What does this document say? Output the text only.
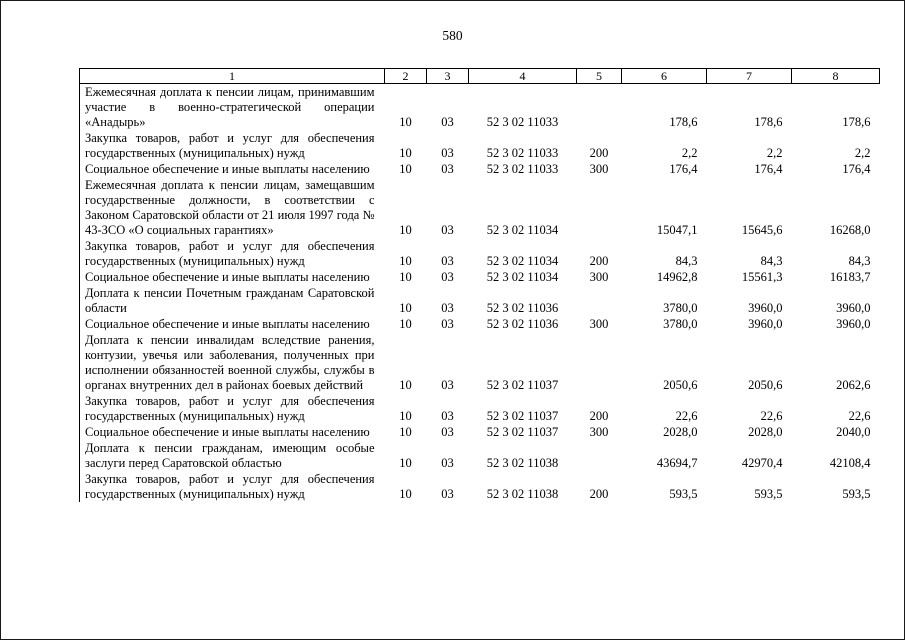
580
1	2	3	4	5	6	7	8
Ежемесячная доплата к пенсии лицам, принимавшим участие в военно-стратегической операции «Анадырь»	10	03	52 3 02 11033		178,6	178,6	178,6
Закупка товаров, работ и услуг для обеспечения государственных (муниципальных) нужд	10	03	52 3 02 11033	200	2,2	2,2	2,2
Социальное обеспечение и иные выплаты населению	10	03	52 3 02 11033	300	176,4	176,4	176,4
Ежемесячная доплата к пенсии лицам, замещавшим государственные должности, в соответствии с Законом Саратовской области от 21 июля 1997 года № 43-ЗСО «О социальных гарантиях»	10	03	52 3 02 11034		15047,1	15645,6	16268,0
Закупка товаров, работ и услуг для обеспечения государственных (муниципальных) нужд	10	03	52 3 02 11034	200	84,3	84,3	84,3
Социальное обеспечение и иные выплаты населению	10	03	52 3 02 11034	300	14962,8	15561,3	16183,7
Доплата к пенсии Почетным гражданам Саратовской области	10	03	52 3 02 11036		3780,0	3960,0	3960,0
Социальное обеспечение и иные выплаты населению	10	03	52 3 02 11036	300	3780,0	3960,0	3960,0
Доплата к пенсии инвалидам вследствие ранения, контузии, увечья или заболевания, полученных при исполнении обязанностей военной службы, службы в органах внутренних дел в районах боевых действий	10	03	52 3 02 11037		2050,6	2050,6	2062,6
Закупка товаров, работ и услуг для обеспечения государственных (муниципальных) нужд	10	03	52 3 02 11037	200	22,6	22,6	22,6
Социальное обеспечение и иные выплаты населению	10	03	52 3 02 11037	300	2028,0	2028,0	2040,0
Доплата к пенсии гражданам, имеющим особые заслуги перед Саратовской областью	10	03	52 3 02 11038		43694,7	42970,4	42108,4
Закупка товаров, работ и услуг для обеспечения государственных (муниципальных) нужд	10	03	52 3 02 11038	200	593,5	593,5	593,5
